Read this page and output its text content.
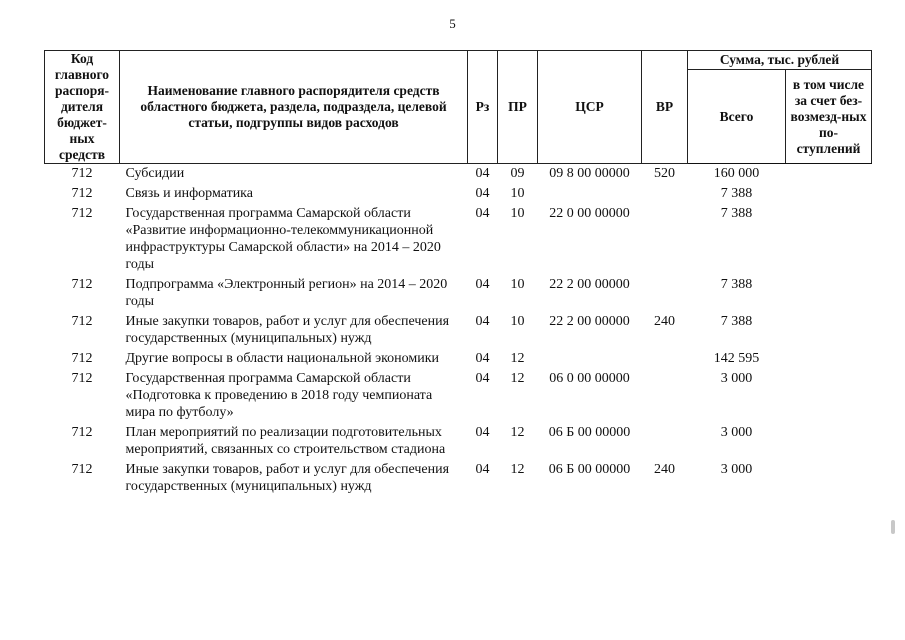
5
Код главного распоря-дителя бюджет-ных средств	Наименование главного распорядителя средств областного бюджета, раздела, подраздела, целевой статьи, подгруппы видов расходов	Рз	ПР	ЦСР	ВР	Сумма, тыс. рублей	
						Всего	в том числе за счет без-возмезд-ных по-ступлений
712	Субсидии	04	09	09 8 00 00000	520	160 000	
712	Связь и информатика	04	10			7 388	
712	Государственная программа Самарской области «Развитие информационно-телекоммуникационной инфраструктуры Самарской области» на 2014 – 2020 годы	04	10	22 0 00 00000		7 388	
712	Подпрограмма «Электронный регион» на 2014 – 2020 годы	04	10	22 2 00 00000		7 388	
712	Иные закупки товаров, работ и услуг для обеспечения государственных (муниципальных) нужд	04	10	22 2 00 00000	240	7 388	
712	Другие вопросы в области национальной экономики	04	12			142 595	
712	Государственная программа Самарской области «Подготовка к проведению в 2018 году чемпионата мира по футболу»	04	12	06 0 00 00000		3 000	
712	План мероприятий по реализации подготовительных мероприятий, связанных со строительством стадиона	04	12	06 Б 00 00000		3 000	
712	Иные закупки товаров, работ и услуг для обеспечения государственных (муниципальных) нужд	04	12	06 Б 00 00000	240	3 000	
